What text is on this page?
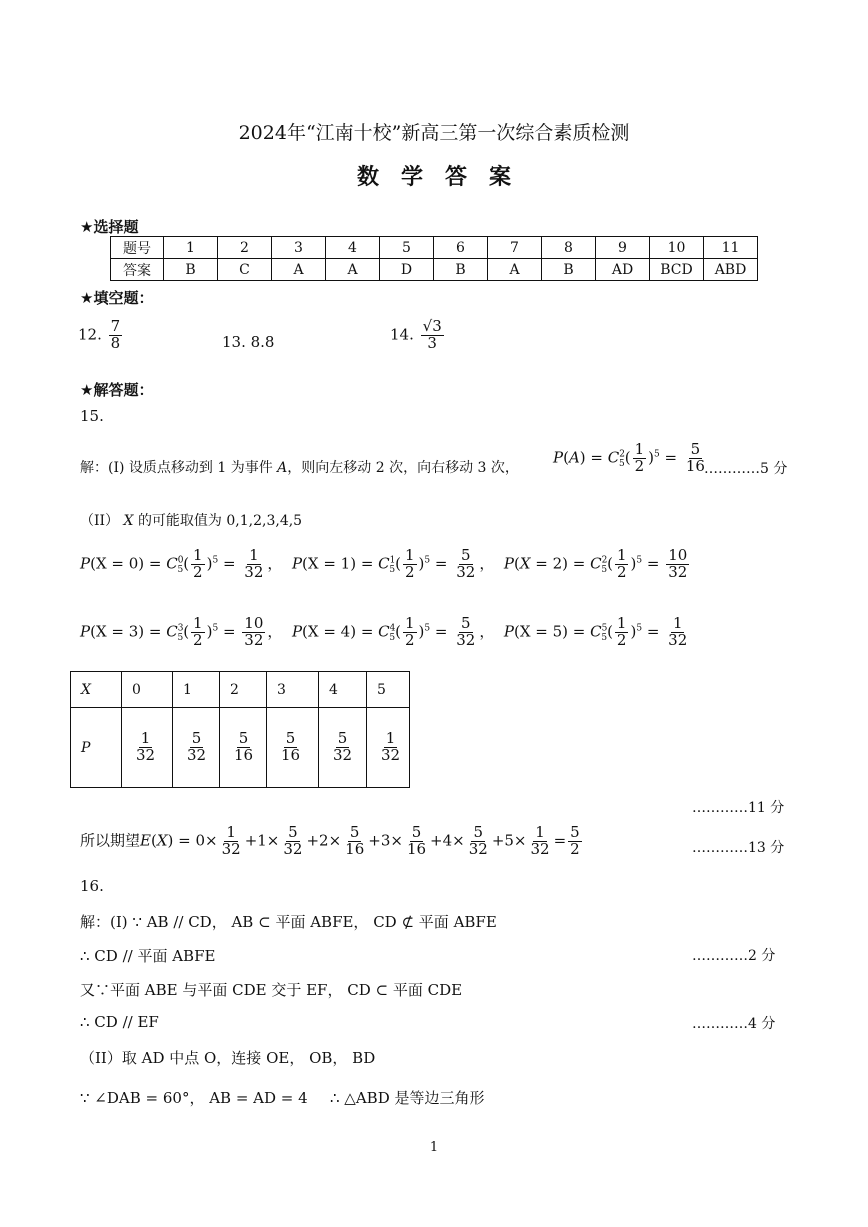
2024年“江南十校”新高三第一次综合素质检测
数学答案
★选择题
题号	1	2	3	4	5	6	7	8	9	10	11
答案	B	C	A	A	D	B	A	B	AD	BCD	ABD
★填空题：
12. $\frac{7}{8}$	13. 8.8	14. $\frac{√3}{3}$
★解答题：
15.
解：(I) 设质点移动到 1 为事件 A，则向左移动 2 次，向右移动 3 次，
$P(A) = C^2_5( \frac{1}{2} )^5 = \frac{5}{16}$
…………5 分
（II） X 的可能取值为 0,1,2,3,4,5
$P(X = 0) = C^0_5( \frac{1}{2} )^5 = \frac{1}{32}$ ，  $P(X = 1) = C^1_5( \frac{1}{2} )^5 = \frac{5}{32}$ ，  $P(X = 2) = C^2_5( \frac{1}{2} )^5 = \frac{10}{32}$
$P(X = 3) = C^3_5( \frac{1}{2} )^5 = \frac{10}{32}$ ，  $P(X = 4) = C^4_5( \frac{1}{2} )^5 = \frac{5}{32}$ ，  $P(X = 5) = C^5_5( \frac{1}{2} )^5 = \frac{1}{32}$
X	0	1	2	3	4	5
P	$\frac{1}{32}$	$\frac{5}{32}$	$\frac{5}{16}$	$\frac{5}{16}$	$\frac{5}{32}$	$\frac{1}{32}$
…………11 分
所以期望$E(X) = 0\times \frac{1}{32} +1\times \frac{5}{32} +2\times \frac{5}{16} +3\times \frac{5}{16} +4\times \frac{5}{32} +5\times \frac{1}{32} = \frac{5}{2}$	…………13 分
16.
解：(I) ∵ AB // CD， AB ⊂ 平面 ABFE， CD ⊄ 平面 ABFE
∴ CD // 平面 ABFE	…………2 分
又∵平面 ABE 与平面 CDE 交于 EF， CD ⊂ 平面 CDE
∴ CD // EF	…………4 分
（II）取 AD 中点 O，连接 OE， OB， BD
∵ ∠DAB = 60°， AB = AD = 4 ∴ △ABD 是等边三角形
1
